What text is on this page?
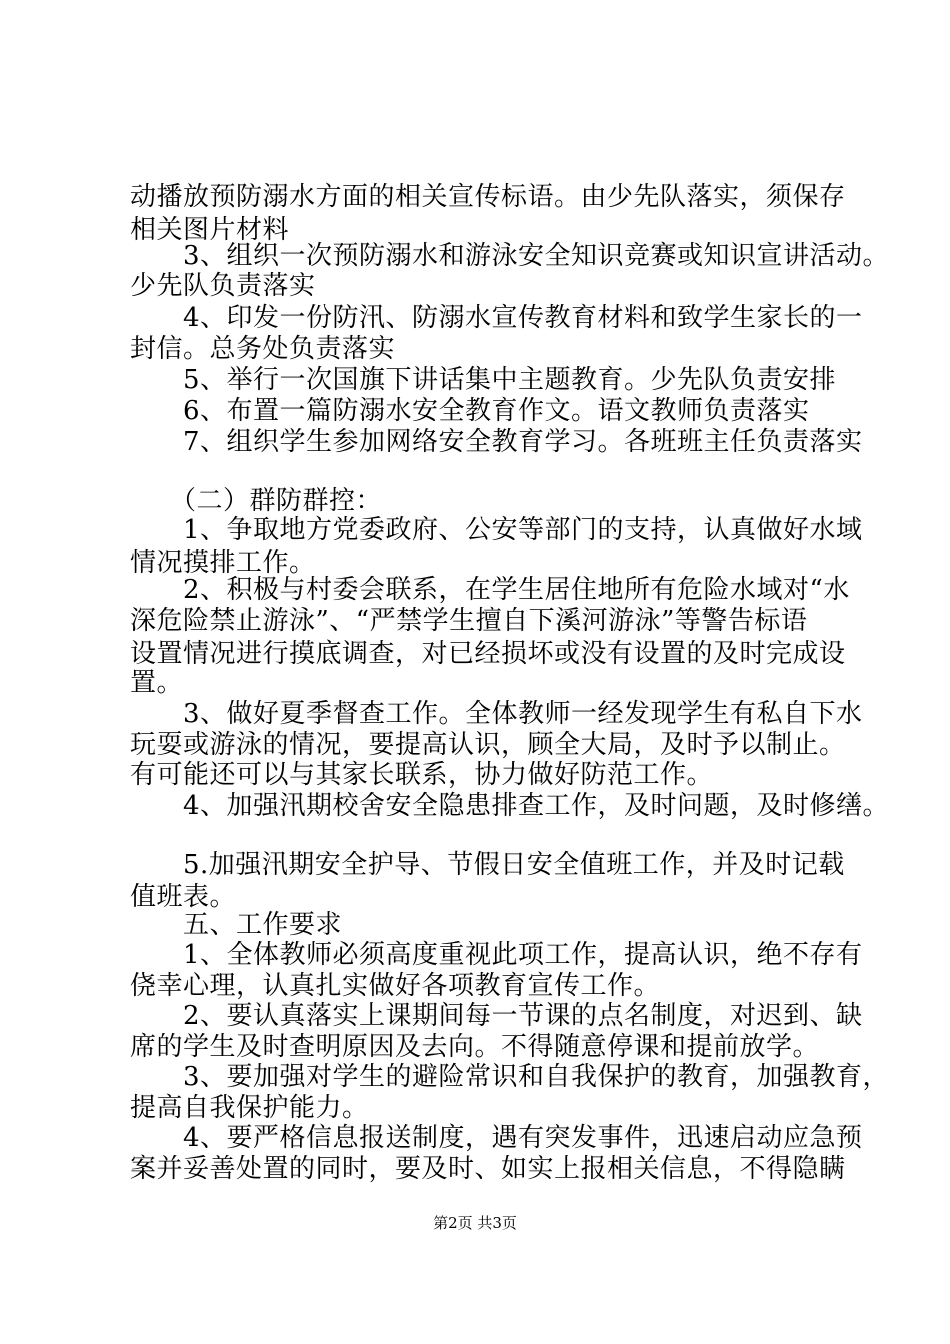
动播放预防溺水方面的相关宣传标语。由少先队落实，须保存
相关图片材料
　　3、组织一次预防溺水和游泳安全知识竞赛或知识宣讲活动。
少先队负责落实
　　4、印发一份防汛、防溺水宣传教育材料和致学生家长的一
封信。总务处负责落实
　　5、举行一次国旗下讲话集中主题教育。少先队负责安排
　　6、布置一篇防溺水安全教育作文。语文教师负责落实
　　7、组织学生参加网络安全教育学习。各班班主任负责落实
　　（二）群防群控：
　　1、争取地方党委政府、公安等部门的支持，认真做好水域
情况摸排工作。
　　2、积极与村委会联系，在学生居住地所有危险水域对“水
深危险禁止游泳”、“严禁学生擅自下溪河游泳”等警告标语
设置情况进行摸底调查，对已经损坏或没有设置的及时完成设
置。
　　3、做好夏季督查工作。全体教师一经发现学生有私自下水
玩耍或游泳的情况，要提高认识，顾全大局，及时予以制止。
有可能还可以与其家长联系，协力做好防范工作。
　　4、加强汛期校舍安全隐患排查工作，及时问题，及时修缮。
　　5.加强汛期安全护导、节假日安全值班工作，并及时记载
值班表。
　　五、工作要求
　　1、全体教师必须高度重视此项工作，提高认识，绝不存有
侥幸心理，认真扎实做好各项教育宣传工作。
　　2、要认真落实上课期间每一节课的点名制度，对迟到、缺
席的学生及时查明原因及去向。不得随意停课和提前放学。
　　3、要加强对学生的避险常识和自我保护的教育，加强教育，
提高自我保护能力。
　　4、要严格信息报送制度，遇有突发事件，迅速启动应急预
案并妥善处置的同时，要及时、如实上报相关信息，不得隐瞒
第2页 共3页
